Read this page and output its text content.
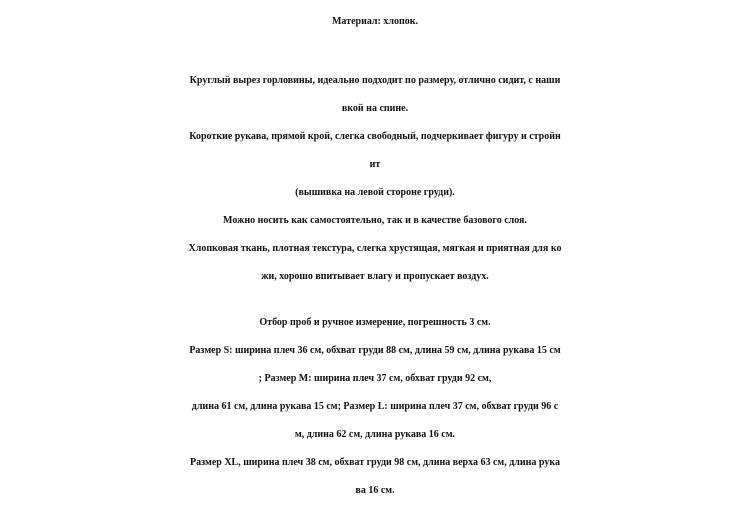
Материал: хлопок.
Круглый вырез горловины, идеально подходит по размеру, отлично сидит, с наши
вкой на спине.
Короткие рукава, прямой крой, слегка свободный, подчеркивает фигуру и стройн
ит
(вышивка на левой стороне груди).
Можно носить как самостоятельно, так и в качестве базового слоя.
Хлопковая ткань, плотная текстура, слегка хрустящая, мягкая и приятная для ко
жи, хорошо впитывает влагу и пропускает воздух.
Отбор проб и ручное измерение, погрешность 3 см.
Размер S: ширина плеч 36 см, обхват груди 88 см, длина 59 см, длина рукава 15 см
; Размер M: ширина плеч 37 см, обхват груди 92 см,
длина 61 см, длина рукава 15 см; Размер L: ширина плеч 37 см, обхват груди 96 с
м, длина 62 см, длина рукава 16 см.
Размер XL, ширина плеч 38 см, обхват груди 98 см, длина верха 63 см, длина рука
ва 16 см.
